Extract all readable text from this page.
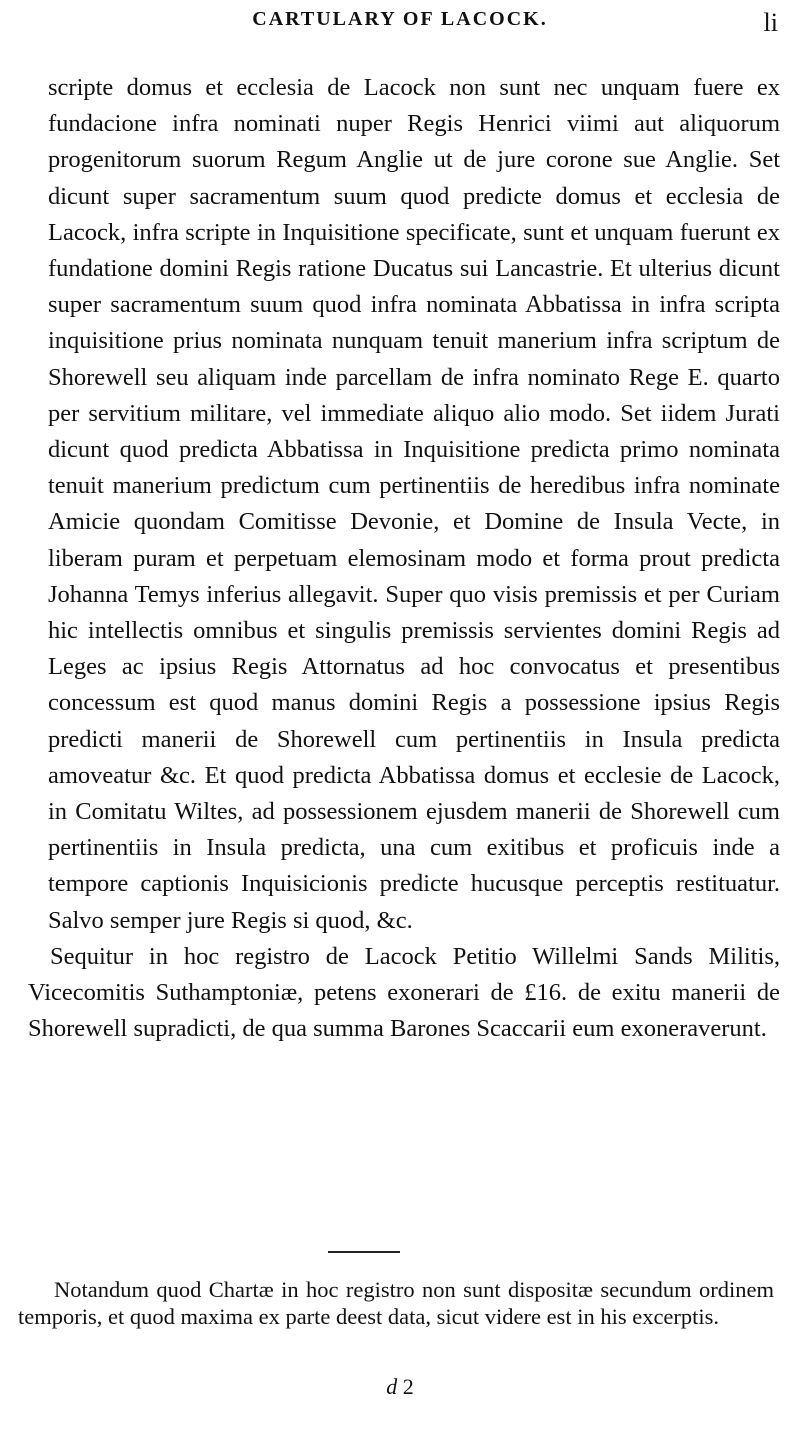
CARTULARY OF LACOCK.	li

scripte domus et ecclesia de Lacock non sunt nec unquam fuere ex fundacione infra nominati nuper Regis Henrici viimi aut aliquorum progenitorum suorum Regum Anglie ut de jure corone sue Anglie. Set dicunt super sacramentum suum quod predicte domus et ecclesia de Lacock, infra scripte in Inquisitione specificate, sunt et unquam fuerunt ex fundatione domini Regis ratione Ducatus sui Lancastrie. Et ulterius dicunt super sacramentum suum quod infra nominata Abbatissa in infra scripta inquisitione prius nominata nunquam tenuit manerium infra scriptum de Shorewell seu aliquam inde parcellam de infra nominato Rege E. quarto per servitium militare, vel immediate aliquo alio modo. Set iidem Jurati dicunt quod predicta Abbatissa in Inquisitione predicta primo nominata tenuit manerium predictum cum pertinentiis de heredibus infra nominate Amicie quondam Comitisse Devonie, et Domine de Insula Vecte, in liberam puram et perpetuam elemosinam modo et forma prout predicta Johanna Temys inferius allegavit. Super quo visis premissis et per Curiam hic intellectis omnibus et singulis premissis servientes domini Regis ad Leges ac ipsius Regis Attornatus ad hoc convocatus et presentibus concessum est quod manus domini Regis a possessione ipsius Regis predicti manerii de Shorewell cum pertinentiis in Insula predicta amoveatur &c. Et quod predicta Abbatissa domus et ecclesie de Lacock, in Comitatu Wiltes, ad possessionem ejusdem manerii de Shorewell cum pertinentiis in Insula predicta, una cum exitibus et proficuis inde a tempore captionis Inquisicionis predicte hucusque perceptis restituatur. Salvo semper jure Regis si quod, &c.

Sequitur in hoc registro de Lacock Petitio Willelmi Sands Militis, Vicecomitis Suthamptoniæ, petens exonerari de £16. de exitu manerii de Shorewell supradicti, de qua summa Barones Scaccarii eum exoneraverunt.

Notandum quod Chartæ in hoc registro non sunt dispositæ secundum ordinem temporis, et quod maxima ex parte deest data, sicut videre est in his excerptis.

d 2
